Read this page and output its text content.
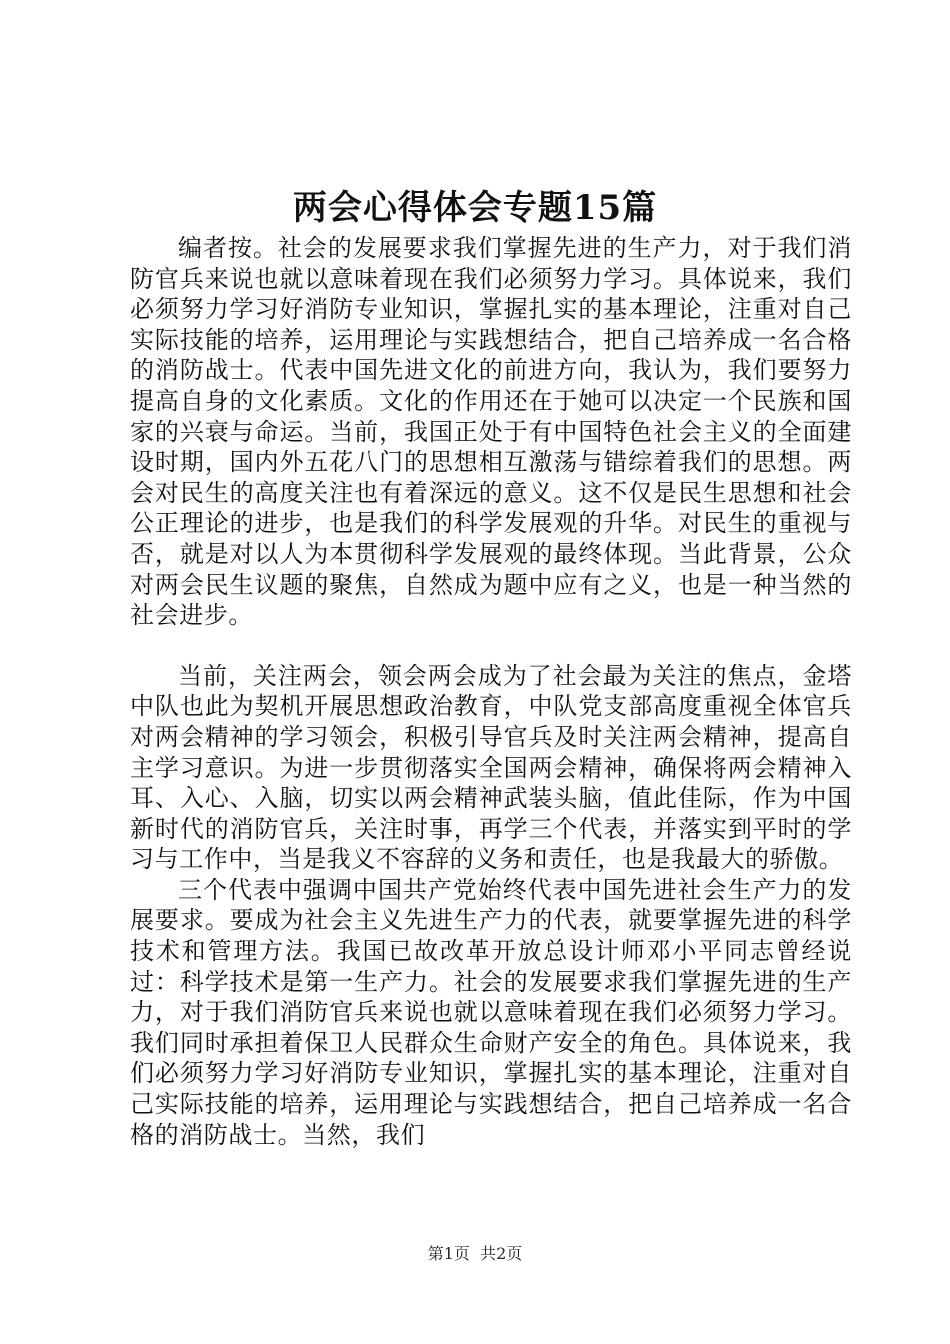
两会心得体会专题15篇

编者按。社会的发展要求我们掌握先进的生产力，对于我们消防官兵来说也就以意味着现在我们必须努力学习。具体说来，我们必须努力学习好消防专业知识，掌握扎实的基本理论，注重对自己实际技能的培养，运用理论与实践想结合，把自己培养成一名合格的消防战士。代表中国先进文化的前进方向，我认为，我们要努力提高自身的文化素质。文化的作用还在于她可以决定一个民族和国家的兴衰与命运。当前，我国正处于有中国特色社会主义的全面建设时期，国内外五花八门的思想相互激荡与错综着我们的思想。两会对民生的高度关注也有着深远的意义。这不仅是民生思想和社会公正理论的进步，也是我们的科学发展观的升华。对民生的重视与否，就是对以人为本贯彻科学发展观的最终体现。当此背景，公众对两会民生议题的聚焦，自然成为题中应有之义，也是一种当然的社会进步。

当前，关注两会，领会两会成为了社会最为关注的焦点，金塔中队也此为契机开展思想政治教育，中队党支部高度重视全体官兵对两会精神的学习领会，积极引导官兵及时关注两会精神，提高自主学习意识。为进一步贯彻落实全国两会精神，确保将两会精神入耳、入心、入脑，切实以两会精神武装头脑，值此佳际，作为中国新时代的消防官兵，关注时事，再学三个代表，并落实到平时的学习与工作中，当是我义不容辞的义务和责任，也是我最大的骄傲。

三个代表中强调中国共产党始终代表中国先进社会生产力的发展要求。要成为社会主义先进生产力的代表，就要掌握先进的科学技术和管理方法。我国已故改革开放总设计师邓小平同志曾经说过：科学技术是第一生产力。社会的发展要求我们掌握先进的生产力，对于我们消防官兵来说也就以意味着现在我们必须努力学习。我们同时承担着保卫人民群众生命财产安全的角色。具体说来，我们必须努力学习好消防专业知识，掌握扎实的基本理论，注重对自己实际技能的培养，运用理论与实践想结合，把自己培养成一名合格的消防战士。当然，我们

第1页  共2页
